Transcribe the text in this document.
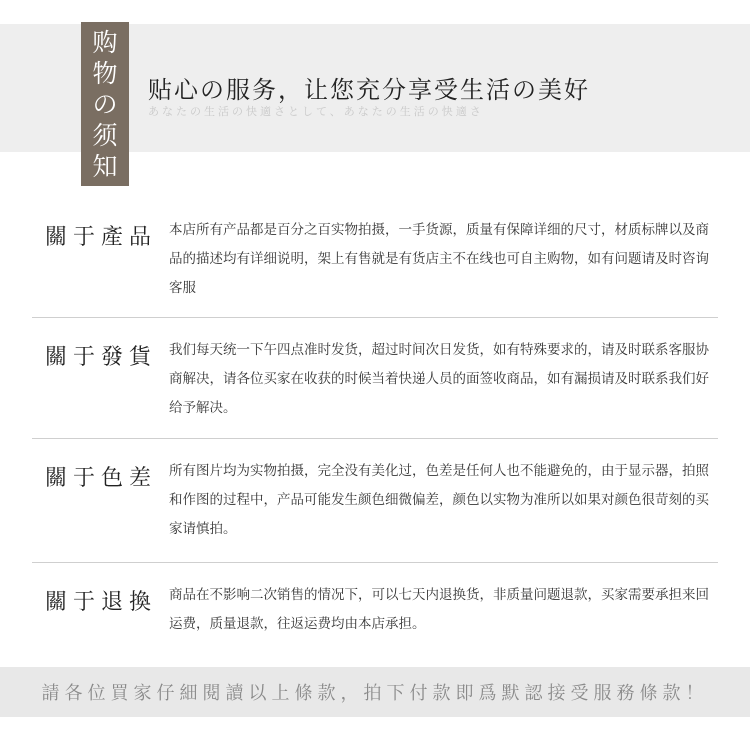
购
物
の
须
知
贴心の服务，让您充分享受生活の美好
あなたの生活の快適さとして、あなたの生活の快適さ
關于產品 本店所有产品都是百分之百实物拍摄，一手货源，质量有保障详细的尺寸，材质标牌以及商品的描述均有详细说明，架上有售就是有货店主不在线也可自主购物，如有问题请及时咨询客服
關于發貨 我们每天统一下午四点准时发货，超过时间次日发货，如有特殊要求的，请及时联系客服协商解决，请各位买家在收获的时候当着快递人员的面签收商品，如有漏损请及时联系我们好给予解决。
關于色差 所有图片均为实物拍摄，完全没有美化过，色差是任何人也不能避免的，由于显示器，拍照和作图的过程中，产品可能发生颜色细微偏差，颜色以实物为准所以如果对颜色很苛刻的买家请慎拍。
關于退換 商品在不影响二次销售的情况下，可以七天内退换货，非质量问题退款，买家需要承担来回运费，质量退款，往返运费均由本店承担。
請各位買家仔細閱讀以上條款，拍下付款即爲默認接受服務條款！
